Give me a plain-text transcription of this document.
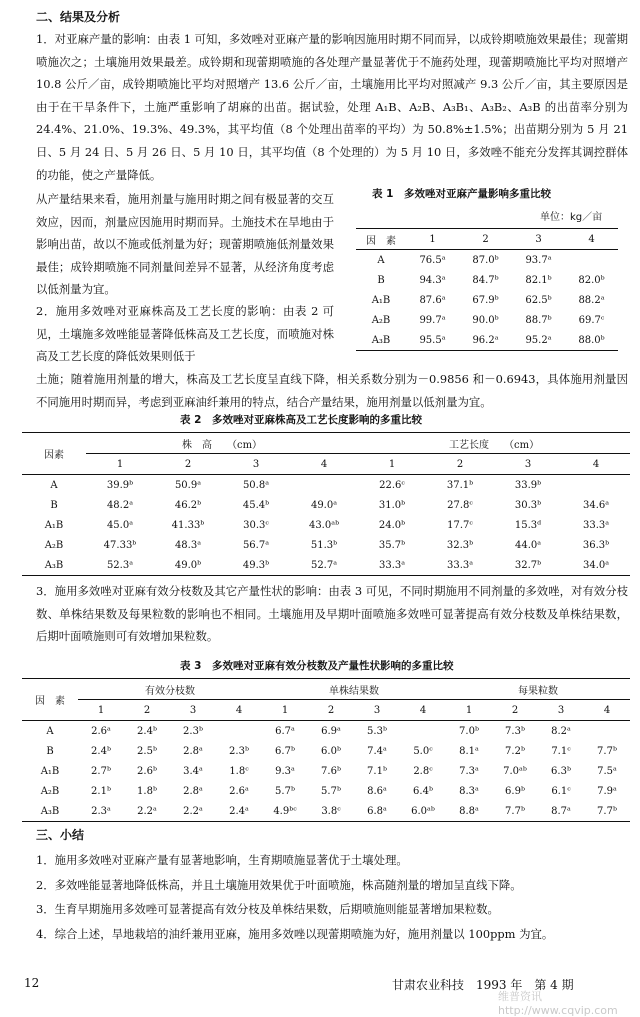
二、结果及分析
1．对亚麻产量的影响：由表 1 可知，多效唑对亚麻产量的影响因施用时期不同而异，以成铃期喷施效果最佳；现蕾期喷施次之；土壤施用效果最差。成铃期和现蕾期喷施的各处理产量显著优于不施药处理，现蕾期喷施比平均对照增产 10.8 公斤／亩，成铃期喷施比平均对照增产 13.6 公斤／亩，土壤施用比平均对照减产 9.3 公斤／亩，其主要原因是由于在干旱条件下，土施严重影响了胡麻的出苗。据试验，处理 A₁B、A₂B、A₃B₁、A₃B₂、A₃B 的出苗率分别为 24.4%、21.0%、19.3%、49.3%，其平均值（8 个处理出苗率的平均）为 50.8%±1.5%；出苗期分别为 5 月 21 日、5 月 24 日、5 月 26 日、5 月 10 日，其平均值（8 个处理的）为 5 月 10 日，多效唑不能充分发挥其调控群体的功能，使之产量降低。
从产量结果来看，施用剂量与施用时期之间有极显著的交互效应，因而，剂量应因施用时期而异。土施技术在旱地由于影响出苗，故以不施或低剂量为好；现蕾期喷施低剂量效果最佳；成铃期喷施不同剂量间差异不显著，从经济角度考虑以低剂量为宜。
2．施用多效唑对亚麻株高及工艺长度的影响：由表 2 可见，土壤施多效唑能显著降低株高及工艺长度，而喷施对株高及工艺长度的降低效果则低于
土施；随着施用剂量的增大，株高及工艺长度呈直线下降，相关系数分别为－0.9856 和－0.6943，具体施用剂量因不同施用时期而异，考虑到亚麻油纤兼用的特点，结合产量结果，施用剂量以低剂量为宜。
表 1　多效唑对亚麻产量影响多重比较
单位：kg／亩
因　素	1	2	3	4
A	76.5ᵃ	87.0ᵇ	93.7ᵃ	
B	94.3ᵃ	84.7ᵇ	82.1ᵇ	82.0ᵇ
A₁B	87.6ᵃ	67.9ᵇ	62.5ᵇ	88.2ᵃ
A₂B	99.7ᵃ	90.0ᵇ	88.7ᵇ	69.7ᶜ
A₃B	95.5ᵃ	96.2ᵃ	95.2ᵃ	88.0ᵇ
表 2　多效唑对亚麻株高及工艺长度影响的多重比较
因素	株　高　　（cm）				工艺长度　　（cm）			
	1	2	3	4	1	2	3	4
A	39.9ᵇ	50.9ᵃ	50.8ᵃ		22.6ᶜ	37.1ᵇ	33.9ᵇ	
B	48.2ᵃ	46.2ᵇ	45.4ᵇ	49.0ᵃ	31.0ᵇ	27.8ᶜ	30.3ᵇ	34.6ᵃ
A₁B	45.0ᵃ	41.33ᵇ	30.3ᶜ	43.0ᵃᵇ	24.0ᵇ	17.7ᶜ	15.3ᵈ	33.3ᵃ
A₂B	47.33ᵇ	48.3ᵃ	56.7ᵃ	51.3ᵇ	35.7ᵇ	32.3ᵇ	44.0ᵃ	36.3ᵇ
A₃B	52.3ᵃ	49.0ᵇ	49.3ᵇ	52.7ᵃ	33.3ᵃ	33.3ᵃ	32.7ᵇ	34.0ᵃ
3．施用多效唑对亚麻有效分枝数及其它产量性状的影响：由表 3 可见，不同时期施用不同剂量的多效唑，对有效分枝数、单株结果数及每果粒数的影响也不相同。土壤施用及早期叶面喷施多效唑可显著提高有效分枝数及单株结果数，后期叶面喷施则可有效增加果粒数。
表 3　多效唑对亚麻有效分枝数及产量性状影响的多重比较
因　素	有效分枝数				单株结果数				每果粒数			
	1	2	3	4	1	2	3	4	1	2	3	4
A	2.6ᵃ	2.4ᵇ	2.3ᵇ		6.7ᵃ	6.9ᵃ	5.3ᵇ		7.0ᵇ	7.3ᵇ	8.2ᵃ	
B	2.4ᵇ	2.5ᵇ	2.8ᵃ	2.3ᵇ	6.7ᵇ	6.0ᵇ	7.4ᵃ	5.0ᶜ	8.1ᵃ	7.2ᵇ	7.1ᶜ	7.7ᵇ
A₁B	2.7ᵇ	2.6ᵇ	3.4ᵃ	1.8ᶜ	9.3ᵃ	7.6ᵇ	7.1ᵇ	2.8ᶜ	7.3ᵃ	7.0ᵃᵇ	6.3ᵇ	7.5ᵃ
A₂B	2.1ᵇ	1.8ᵇ	2.8ᵃ	2.6ᵃ	5.7ᵇ	5.7ᵇ	8.6ᵃ	6.4ᵇ	8.3ᵃ	6.9ᵇ	6.1ᶜ	7.9ᵃ
A₃B	2.3ᵃ	2.2ᵃ	2.2ᵃ	2.4ᵃ	4.9ᵇᶜ	3.8ᶜ	6.8ᵃ	6.0ᵃᵇ	8.8ᵃ	7.7ᵇ	8.7ᵃ	7.7ᵇ
三、小结
1．施用多效唑对亚麻产量有显著地影响，生育期喷施显著优于土壤处理。
2．多效唑能显著地降低株高，并且土壤施用效果优于叶面喷施，株高随剂量的增加呈直线下降。
3．生育早期施用多效唑可显著提高有效分枝及单株结果数，后期喷施则能显著增加果粒数。
4．综合上述，旱地栽培的油纤兼用亚麻，施用多效唑以现蕾期喷施为好，施用剂量以 100ppm 为宜。
12	甘肃农业科技　1993 年　第 4 期
维普资讯 http://www.cqvip.com
